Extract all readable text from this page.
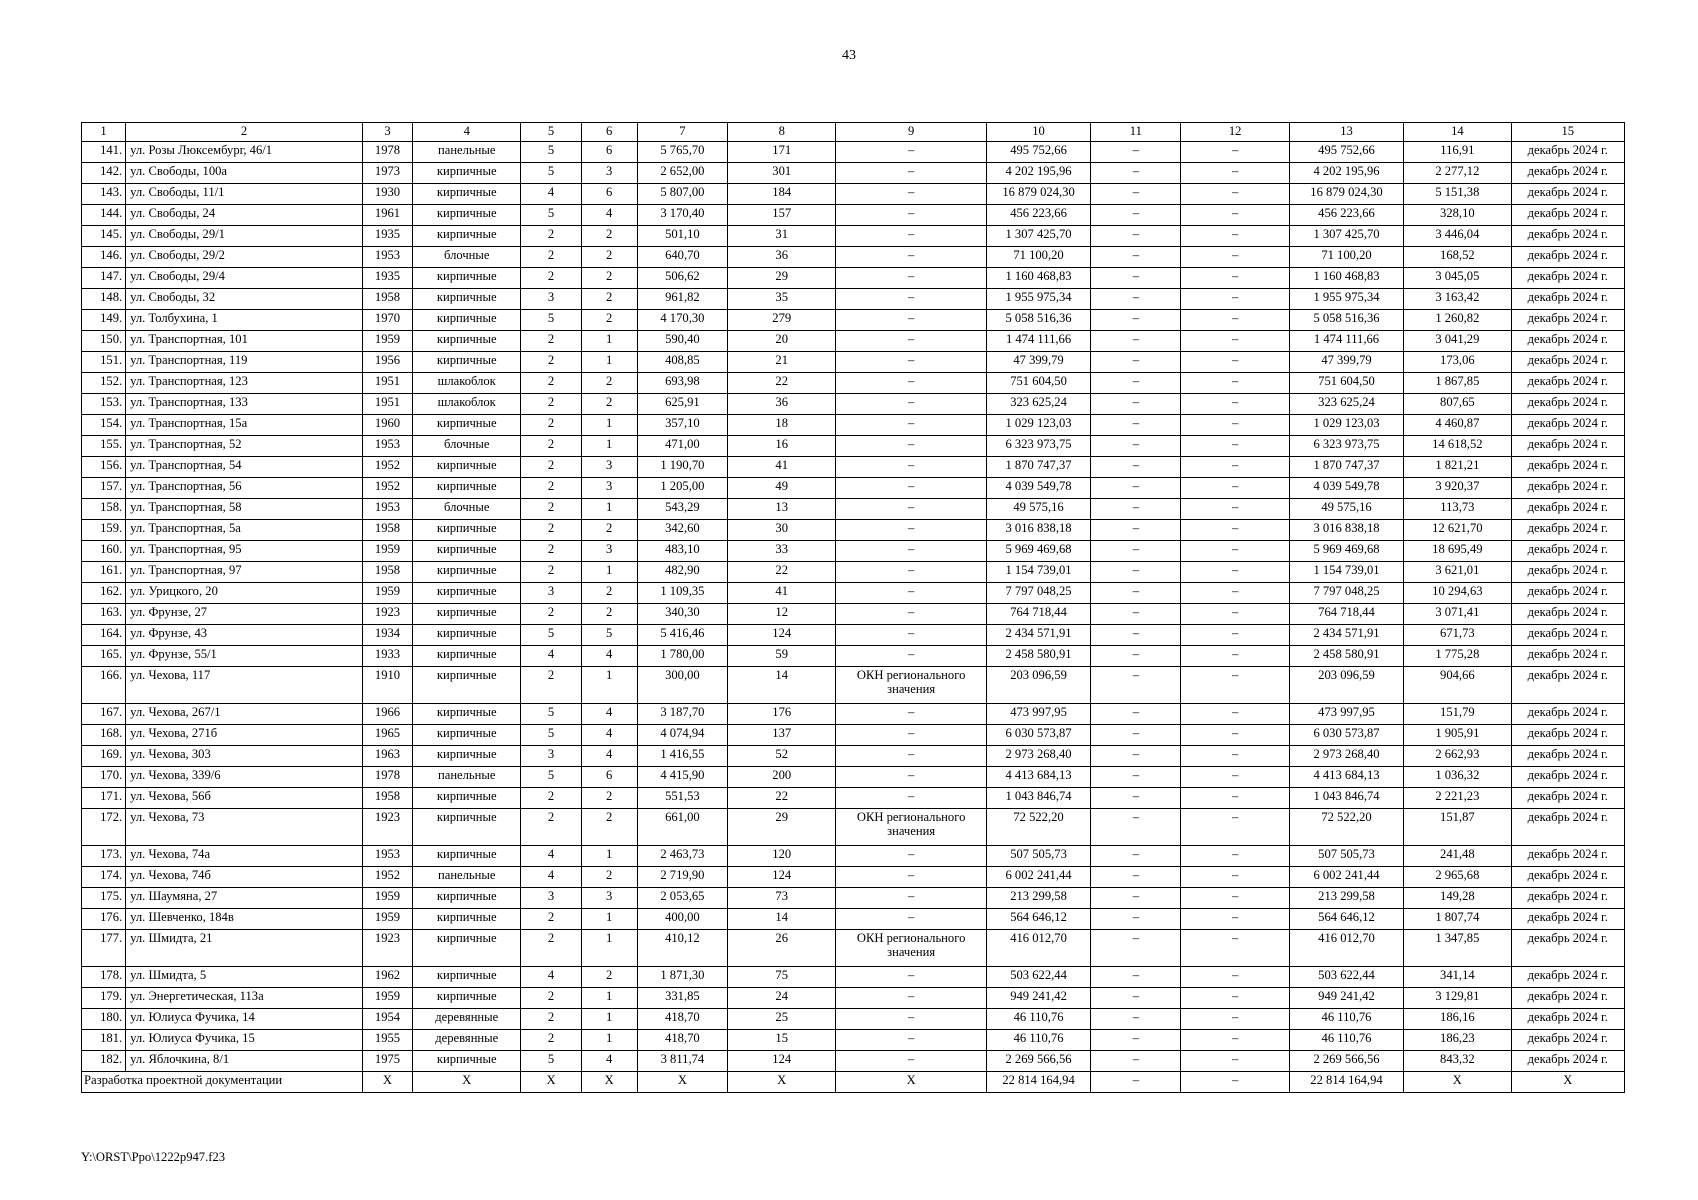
43
1	2	3	4	5	6	7	8	9	10	11	12	13	14	15
141.	ул. Розы Люксембург, 46/1	1978	панельные	5	6	5 765,70	171	–	495 752,66	–	–	495 752,66	116,91	декабрь 2024 г.
142.	ул. Свободы, 100а	1973	кирпичные	5	3	2 652,00	301	–	4 202 195,96	–	–	4 202 195,96	2 277,12	декабрь 2024 г.
143.	ул. Свободы, 11/1	1930	кирпичные	4	6	5 807,00	184	–	16 879 024,30	–	–	16 879 024,30	5 151,38	декабрь 2024 г.
144.	ул. Свободы, 24	1961	кирпичные	5	4	3 170,40	157	–	456 223,66	–	–	456 223,66	328,10	декабрь 2024 г.
145.	ул. Свободы, 29/1	1935	кирпичные	2	2	501,10	31	–	1 307 425,70	–	–	1 307 425,70	3 446,04	декабрь 2024 г.
146.	ул. Свободы, 29/2	1953	блочные	2	2	640,70	36	–	71 100,20	–	–	71 100,20	168,52	декабрь 2024 г.
147.	ул. Свободы, 29/4	1935	кирпичные	2	2	506,62	29	–	1 160 468,83	–	–	1 160 468,83	3 045,05	декабрь 2024 г.
148.	ул. Свободы, 32	1958	кирпичные	3	2	961,82	35	–	1 955 975,34	–	–	1 955 975,34	3 163,42	декабрь 2024 г.
149.	ул. Толбухина, 1	1970	кирпичные	5	2	4 170,30	279	–	5 058 516,36	–	–	5 058 516,36	1 260,82	декабрь 2024 г.
150.	ул. Транспортная, 101	1959	кирпичные	2	1	590,40	20	–	1 474 111,66	–	–	1 474 111,66	3 041,29	декабрь 2024 г.
151.	ул. Транспортная, 119	1956	кирпичные	2	1	408,85	21	–	47 399,79	–	–	47 399,79	173,06	декабрь 2024 г.
152.	ул. Транспортная, 123	1951	шлакоблок	2	2	693,98	22	–	751 604,50	–	–	751 604,50	1 867,85	декабрь 2024 г.
153.	ул. Транспортная, 133	1951	шлакоблок	2	2	625,91	36	–	323 625,24	–	–	323 625,24	807,65	декабрь 2024 г.
154.	ул. Транспортная, 15а	1960	кирпичные	2	1	357,10	18	–	1 029 123,03	–	–	1 029 123,03	4 460,87	декабрь 2024 г.
155.	ул. Транспортная, 52	1953	блочные	2	1	471,00	16	–	6 323 973,75	–	–	6 323 973,75	14 618,52	декабрь 2024 г.
156.	ул. Транспортная, 54	1952	кирпичные	2	3	1 190,70	41	–	1 870 747,37	–	–	1 870 747,37	1 821,21	декабрь 2024 г.
157.	ул. Транспортная, 56	1952	кирпичные	2	3	1 205,00	49	–	4 039 549,78	–	–	4 039 549,78	3 920,37	декабрь 2024 г.
158.	ул. Транспортная, 58	1953	блочные	2	1	543,29	13	–	49 575,16	–	–	49 575,16	113,73	декабрь 2024 г.
159.	ул. Транспортная, 5а	1958	кирпичные	2	2	342,60	30	–	3 016 838,18	–	–	3 016 838,18	12 621,70	декабрь 2024 г.
160.	ул. Транспортная, 95	1959	кирпичные	2	3	483,10	33	–	5 969 469,68	–	–	5 969 469,68	18 695,49	декабрь 2024 г.
161.	ул. Транспортная, 97	1958	кирпичные	2	1	482,90	22	–	1 154 739,01	–	–	1 154 739,01	3 621,01	декабрь 2024 г.
162.	ул. Урицкого, 20	1959	кирпичные	3	2	1 109,35	41	–	7 797 048,25	–	–	7 797 048,25	10 294,63	декабрь 2024 г.
163.	ул. Фрунзе, 27	1923	кирпичные	2	2	340,30	12	–	764 718,44	–	–	764 718,44	3 071,41	декабрь 2024 г.
164.	ул. Фрунзе, 43	1934	кирпичные	5	5	5 416,46	124	–	2 434 571,91	–	–	2 434 571,91	671,73	декабрь 2024 г.
165.	ул. Фрунзе, 55/1	1933	кирпичные	4	4	1 780,00	59	–	2 458 580,91	–	–	2 458 580,91	1 775,28	декабрь 2024 г.
166.	ул. Чехова, 117	1910	кирпичные	2	1	300,00	14	ОКН регионального значения	203 096,59	–	–	203 096,59	904,66	декабрь 2024 г.
167.	ул. Чехова, 267/1	1966	кирпичные	5	4	3 187,70	176	–	473 997,95	–	–	473 997,95	151,79	декабрь 2024 г.
168.	ул. Чехова, 271б	1965	кирпичные	5	4	4 074,94	137	–	6 030 573,87	–	–	6 030 573,87	1 905,91	декабрь 2024 г.
169.	ул. Чехова, 303	1963	кирпичные	3	4	1 416,55	52	–	2 973 268,40	–	–	2 973 268,40	2 662,93	декабрь 2024 г.
170.	ул. Чехова, 339/6	1978	панельные	5	6	4 415,90	200	–	4 413 684,13	–	–	4 413 684,13	1 036,32	декабрь 2024 г.
171.	ул. Чехова, 56б	1958	кирпичные	2	2	551,53	22	–	1 043 846,74	–	–	1 043 846,74	2 221,23	декабрь 2024 г.
172.	ул. Чехова, 73	1923	кирпичные	2	2	661,00	29	ОКН регионального значения	72 522,20	–	–	72 522,20	151,87	декабрь 2024 г.
173.	ул. Чехова, 74а	1953	кирпичные	4	1	2 463,73	120	–	507 505,73	–	–	507 505,73	241,48	декабрь 2024 г.
174.	ул. Чехова, 74б	1952	панельные	4	2	2 719,90	124	–	6 002 241,44	–	–	6 002 241,44	2 965,68	декабрь 2024 г.
175.	ул. Шаумяна, 27	1959	кирпичные	3	3	2 053,65	73	–	213 299,58	–	–	213 299,58	149,28	декабрь 2024 г.
176.	ул. Шевченко, 184в	1959	кирпичные	2	1	400,00	14	–	564 646,12	–	–	564 646,12	1 807,74	декабрь 2024 г.
177.	ул. Шмидта, 21	1923	кирпичные	2	1	410,12	26	ОКН регионального значения	416 012,70	–	–	416 012,70	1 347,85	декабрь 2024 г.
178.	ул. Шмидта, 5	1962	кирпичные	4	2	1 871,30	75	–	503 622,44	–	–	503 622,44	341,14	декабрь 2024 г.
179.	ул. Энергетическая, 113а	1959	кирпичные	2	1	331,85	24	–	949 241,42	–	–	949 241,42	3 129,81	декабрь 2024 г.
180.	ул. Юлиуса Фучика, 14	1954	деревянные	2	1	418,70	25	–	46 110,76	–	–	46 110,76	186,16	декабрь 2024 г.
181.	ул. Юлиуса Фучика, 15	1955	деревянные	2	1	418,70	15	–	46 110,76	–	–	46 110,76	186,23	декабрь 2024 г.
182.	ул. Яблочкина, 8/1	1975	кирпичные	5	4	3 811,74	124	–	2 269 566,56	–	–	2 269 566,56	843,32	декабрь 2024 г.
Разработка проектной документации		X	X	X	X	X	X	X	22 814 164,94	–	–	22 814 164,94	X	X
Y:\ORST\Ppo\1222p947.f23
